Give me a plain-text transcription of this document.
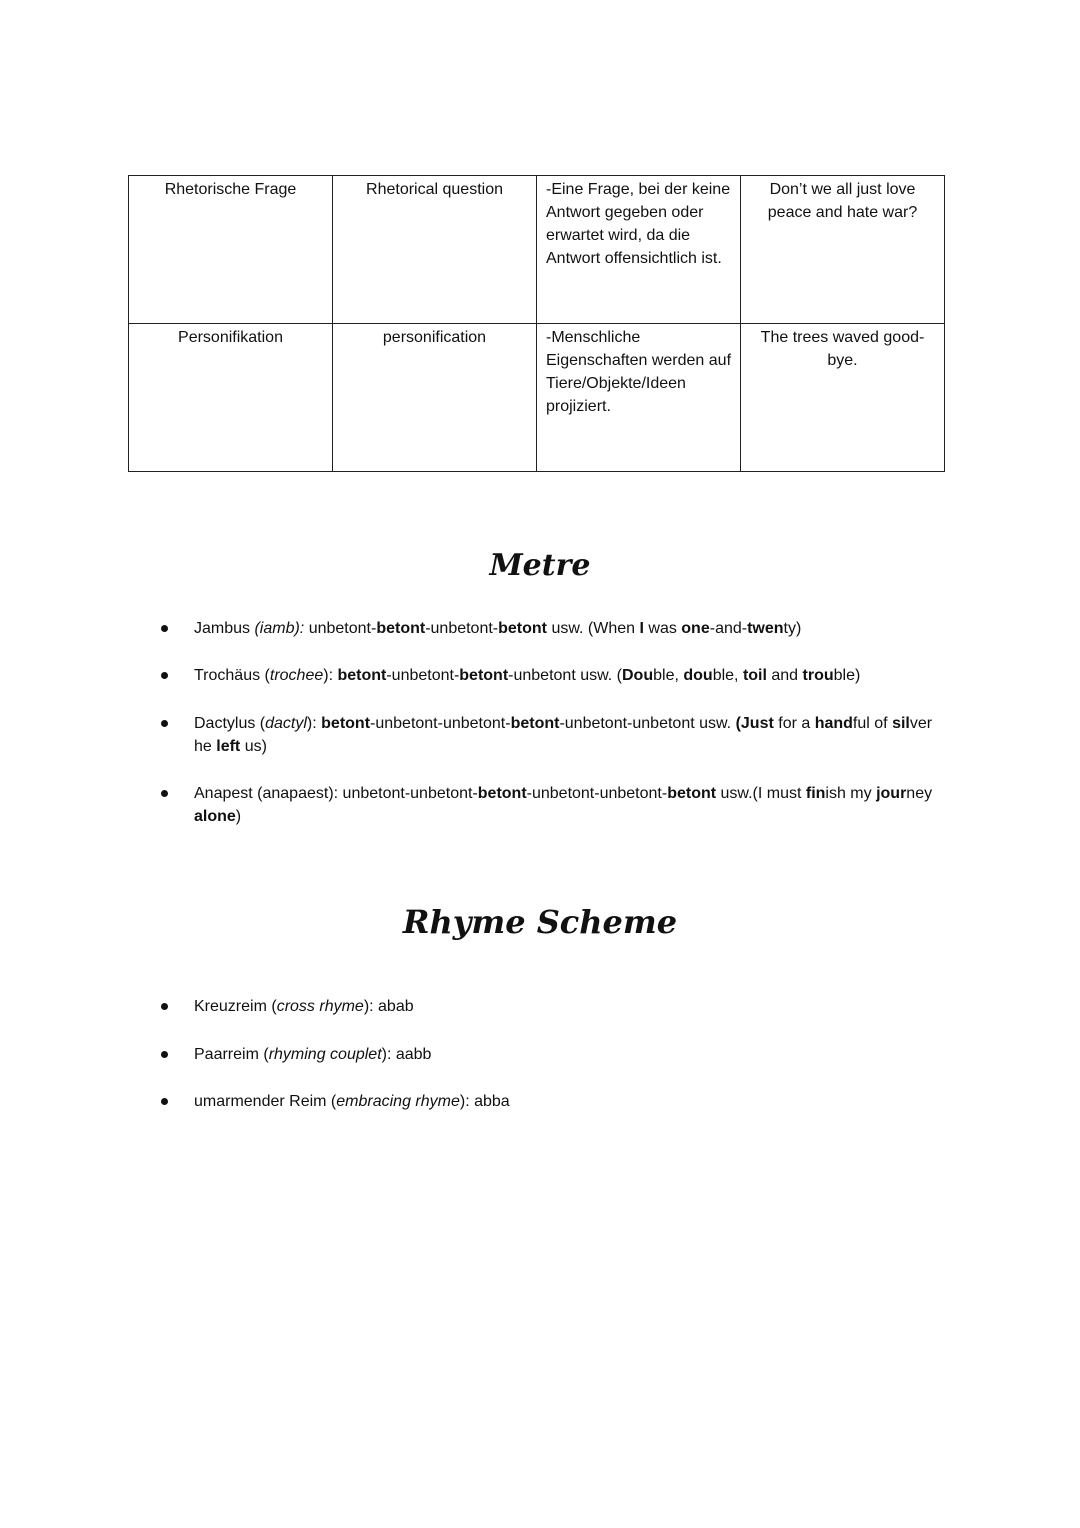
Rhetorische Frage	Rhetorical question	-Eine Frage, bei der keine Antwort gegeben oder erwartet wird, da die Antwort offensichtlich ist.	Don’t we all just love peace and hate war?
Personifikation	personification	-Menschliche Eigenschaften werden auf Tiere/Objekte/Ideen projiziert.	The trees waved good-bye.
Metre
Jambus (iamb): unbetont-betont-unbetont-betont usw. (When I was one-and-twenty)
Trochäus (trochee): betont-unbetont-betont-unbetont usw. (Double, double, toil and trouble)
Dactylus (dactyl): betont-unbetont-unbetont-betont-unbetont-unbetont usw. (Just for a handful of silver he left us)
Anapest (anapaest): unbetont-unbetont-betont-unbetont-unbetont-betont usw.(I must finish my journey alone)
Rhyme Scheme
Kreuzreim (cross rhyme): abab
Paarreim (rhyming couplet): aabb
umarmender Reim (embracing rhyme): abba
